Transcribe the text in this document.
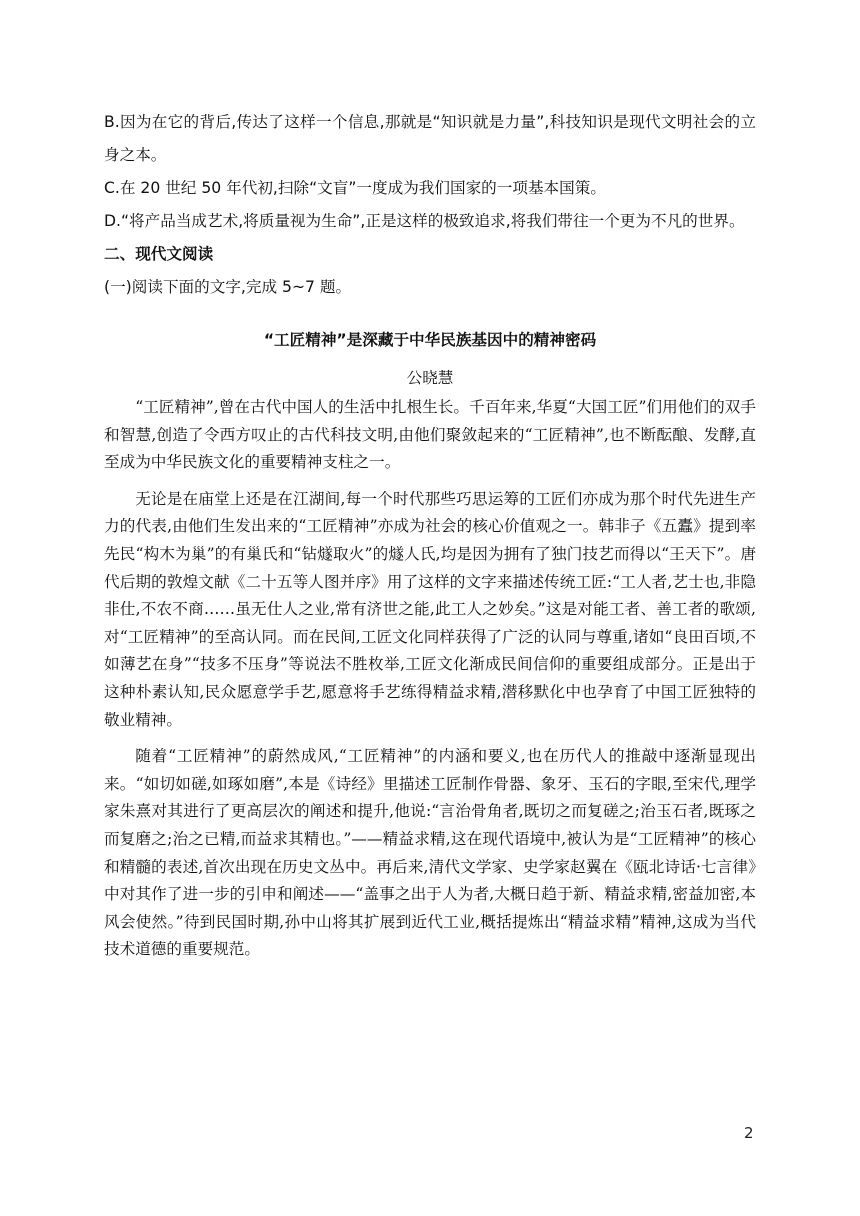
B.因为在它的背后,传达了这样一个信息,那就是“知识就是力量”,科技知识是现代文明社会的立身之本。

C.在 20 世纪 50 年代初,扫除“文盲”一度成为我们国家的一项基本国策。

D.“将产品当成艺术,将质量视为生命”,正是这样的极致追求,将我们带往一个更为不凡的世界。

二、现代文阅读

(一)阅读下面的文字,完成 5~7 题。

“工匠精神”是深藏于中华民族基因中的精神密码

公晓慧

“工匠精神”,曾在古代中国人的生活中扎根生长。千百年来,华夏“大国工匠”们用他们的双手和智慧,创造了令西方叹止的古代科技文明,由他们聚敛起来的“工匠精神”,也不断酝酿、发酵,直至成为中华民族文化的重要精神支柱之一。

无论是在庙堂上还是在江湖间,每一个时代那些巧思运筹的工匠们亦成为那个时代先进生产力的代表,由他们生发出来的“工匠精神”亦成为社会的核心价值观之一。韩非子《五蠹》提到率先民“构木为巢”的有巢氏和“钻燧取火”的燧人氏,均是因为拥有了独门技艺而得以“王天下”。唐代后期的敦煌文献《二十五等人图并序》用了这样的文字来描述传统工匠:“工人者,艺士也,非隐非仕,不农不商……虽无仕人之业,常有济世之能,此工人之妙矣。”这是对能工者、善工者的歌颂,对“工匠精神”的至高认同。而在民间,工匠文化同样获得了广泛的认同与尊重,诸如“良田百顷,不如薄艺在身”“技多不压身”等说法不胜枚举,工匠文化渐成民间信仰的重要组成部分。正是出于这种朴素认知,民众愿意学手艺,愿意将手艺练得精益求精,潜移默化中也孕育了中国工匠独特的敬业精神。

随着“工匠精神”的蔚然成风,“工匠精神”的内涵和要义,也在历代人的推敲中逐渐显现出来。“如切如磋,如琢如磨”,本是《诗经》里描述工匠制作骨器、象牙、玉石的字眼,至宋代,理学家朱熹对其进行了更高层次的阐述和提升,他说:“言治骨角者,既切之而复磋之;治玉石者,既琢之而复磨之;治之已精,而益求其精也。”——精益求精,这在现代语境中,被认为是“工匠精神”的核心和精髓的表述,首次出现在历史文丛中。再后来,清代文学家、史学家赵翼在《瓯北诗话·七言律》中对其作了进一步的引申和阐述——“盖事之出于人为者,大概日趋于新、精益求精,密益加密,本风会使然。”待到民国时期,孙中山将其扩展到近代工业,概括提炼出“精益求精”精神,这成为当代技术道德的重要规范。

2
